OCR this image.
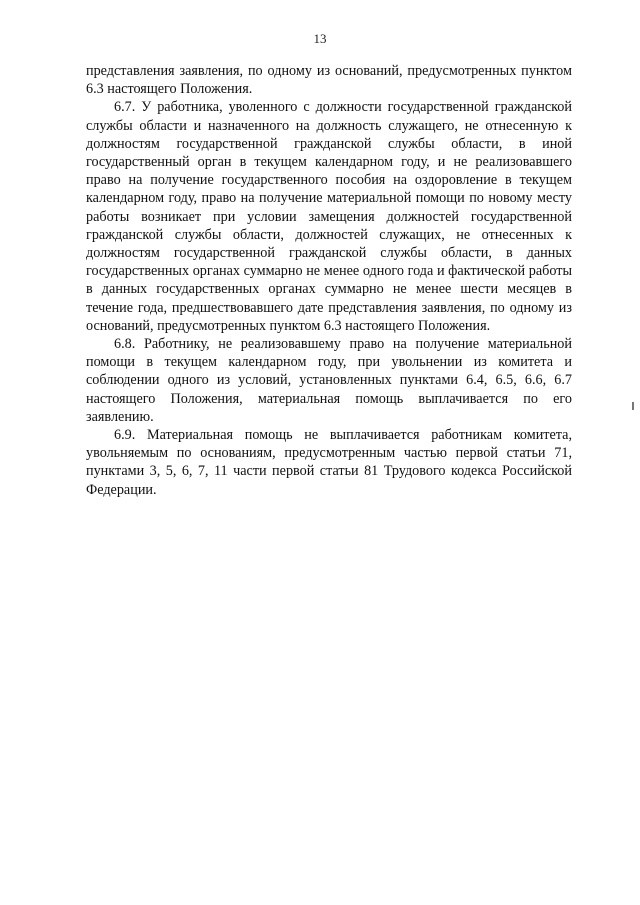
13

представления заявления, по одному из оснований, предусмотренных пунктом 6.3 настоящего Положения.

6.7. У работника, уволенного с должности государственной гражданской службы области и назначенного на должность служащего, не отнесенную к должностям государственной гражданской службы области, в иной государственный орган в текущем календарном году, и не реализовавшего право на получение государственного пособия на оздоровление в текущем календарном году, право на получение материальной помощи по новому месту работы возникает при условии замещения должностей государственной гражданской службы области, должностей служащих, не отнесенных к должностям государственной гражданской службы области, в данных государственных органах суммарно не менее одного года и фактической работы в данных государственных органах суммарно не менее шести месяцев в течение года, предшествовавшего дате представления заявления, по одному из оснований, предусмотренных пунктом 6.3 настоящего Положения.

6.8. Работнику, не реализовавшему право на получение материальной помощи в текущем календарном году, при увольнении из комитета и соблюдении одного из условий, установленных пунктами 6.4, 6.5, 6.6, 6.7 настоящего Положения, материальная помощь выплачивается по его заявлению.

6.9. Материальная помощь не выплачивается работникам комитета, увольняемым по основаниям, предусмотренным частью первой статьи 71, пунктами 3, 5, 6, 7, 11 части первой статьи 81 Трудового кодекса Российской Федерации.
